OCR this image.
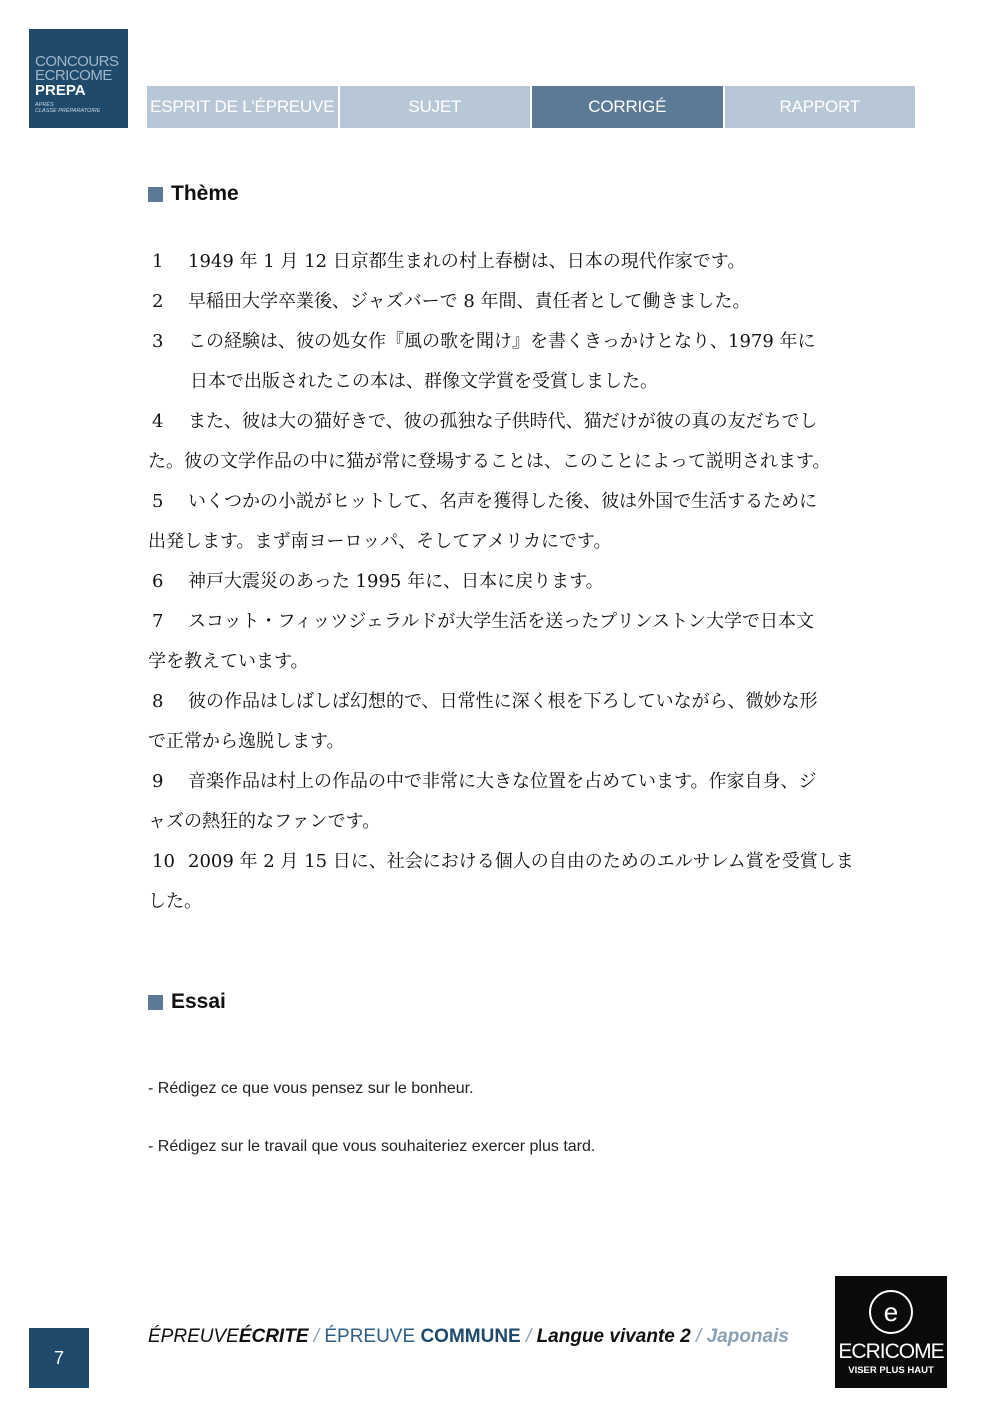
CONCOURS
ECRICOME
PREPA
APRÈS
CLASSE PRÉPARATOIRE	ESPRIT DE L'ÉPREUVE	SUJET	CORRIGÉ	RAPPORT
Thème
1 1949 年 1 月 12 日京都生まれの村上春樹は、日本の現代作家です。
2 早稲田大学卒業後、ジャズバーで 8 年間、責任者として働きました。
3 この経験は、彼の処女作『風の歌を聞け』を書くきっかけとなり、1979 年に
日本で出版されたこの本は、群像文学賞を受賞しました。
4 また、彼は大の猫好きで、彼の孤独な子供時代、猫だけが彼の真の友だちでし
た。彼の文学作品の中に猫が常に登場することは、このことによって説明されます。
5 いくつかの小説がヒットして、名声を獲得した後、彼は外国で生活するために
出発します。まず南ヨーロッパ、そしてアメリカにです。
6 神戸大震災のあった 1995 年に、日本に戻ります。
7 スコット・フィッツジェラルドが大学生活を送ったプリンストン大学で日本文
学を教えています。
8 彼の作品はしばしば幻想的で、日常性に深く根を下ろしていながら、微妙な形
で正常から逸脱します。
9 音楽作品は村上の作品の中で非常に大きな位置を占めています。作家自身、ジ
ャズの熱狂的なファンです。
10 2009 年 2 月 15 日に、社会における個人の自由のためのエルサレム賞を受賞しま
した。
Essai
- Rédigez ce que vous pensez sur le bonheur.
- Rédigez sur le travail que vous souhaiteriez exercer plus tard.
7
ÉPREUVEÉCRITE / ÉPREUVE COMMUNE / Langue vivante 2 / Japonais
e
ECRICOME
VISER PLUS HAUT
